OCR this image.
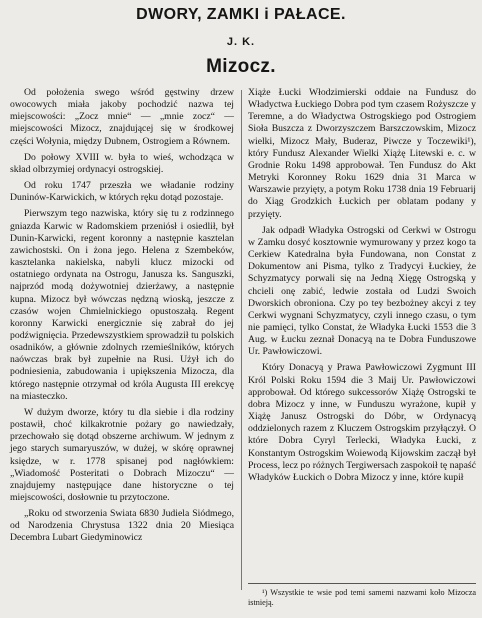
DWORY, ZAMKI i PAŁACE.
J. K.
Mizocz.

Od położenia swego wśród gęstwiny drzew owocowych miała jakoby pochodzić nazwa tej miejscowości: „Zocz mnie“ — „mnie zocz“ — miejscowości Mizocz, znajdującej się w środkowej części Wołynia, między Dubnem, Ostrogiem a Równem.

Do połowy XVIII w. była to wieś, wchodząca w skład olbrzymiej ordynacyi ostrogskiej.

Od roku 1747 przeszła we władanie rodziny Duninów-Karwickich, w których ręku dotąd pozostaje.

Pierwszym tego nazwiska, który się tu z rodzinnego gniazda Karwic w Radomskiem przeniósł i osiedlił, był Dunin-Karwicki, regent koronny a następnie kasztelan zawichostski. On i żona jego. Helena z Szembeków, kasztelanka nakielska, nabyli klucz mizocki od ostatniego ordynata na Ostrogu, Janusza ks. Sanguszki, najprzód modą dożywotniej dzierżawy, a następnie kupna. Mizocz był wówczas nędzną wioską, jeszcze z czasów wojen Chmielnickiego opustoszałą. Regent koronny Karwicki energicznie się zabrał do jej podźwignięcia. Przedewszystkiem sprowadził tu polskich osadników, a głównie zdolnych rzemieślników, których naówczas brak był zupełnie na Rusi. Użył ich do podniesienia, zabudowania i upiększenia Mizocza, dla którego następnie otrzymał od króla Augusta III erekcyę na miasteczko.

W dużym dworze, który tu dla siebie i dla rodziny postawił, choć kilkakrotnie pożary go nawiedzały, przechowało się dotąd obszerne archiwum. W jednym z jego starych sumaryuszów, w dużej, w skórę oprawnej księdze, w r. 1778 spisanej pod nagłówkiem: „Wiadomość Posteritati o Dobrach Mizoczu“ — znajdujemy następujące dane historyczne o tej miejscowości, dosłownie tu przytoczone.

„Roku od stworzenia Swiata 6830 Judiela Siódmego, od Narodzenia Chrystusa 1322 dnia 20 Miesiąca Decembra Lubart Giedyminowicz

Xiąże Łucki Włodzimierski oddaie na Fundusz do Władyctwa Łuckiego Dobra pod tym czasem Rożyszcze y Teremne, a do Władyctwa Ostrogskiego pod Ostrogiem Sioła Buszcza z Dworzyszczem Barszczowskim, Mizocz wielki, Mizocz Mały, Buderaz, Piwcze y Toczewiki¹), który Fundusz Alexander Wielki Xiążę Litewski e. c. w Grodnie Roku 1498 approbował. Ten Fundusz do Akt Metryki Koronney Roku 1629 dnia 31 Marca w Warszawie przyięty, a potym Roku 1738 dnia 19 Februarij do Xiąg Grodzkich Łuckich per oblatam podany y przyięty.

Jak odpadł Władyka Ostrogski od Cerkwi w Ostrogu w Zamku dosyć kosztownie wymurowany y przez kogo ta Cerkiew Katedralna była Fundowana, non Constat z Dokumentow ani Pisma, tylko z Tradycyi Łuckiey, że Schyzmatycy porwali się na Jedną Xięgę Ostrogską y chcieli onę zabić, ledwie została od Ludzi Swoich Dworskich obroniona. Czy po tey bezbożney akcyi z tey Cerkwi wygnani Schyzmatycy, czyli innego czasu, o tym nie pamięci, tylko Constat, że Władyka Łucki 1553 die 3 Aug. w Łucku zeznał Donacyą na te Dobra Funduszowe Ur. Pawłowiczowi.

Który Donacyą y Prawa Pawłowiczowi Zygmunt III Król Polski Roku 1594 die 3 Maij Ur. Pawłowiczowi approbował. Od którego sukcessorów Xiążę Ostrogski te dobra Mizocz y inne, w Funduszu wyrażone, kupił y Xiążę Janusz Ostrogski do Dóbr, w Ordynacyą oddzielonych razem z Kluczem Ostrogskim przyłączył. O które Dobra Cyryl Terlecki, Władyka Łucki, z Konstantym Ostrogskim Woiewodą Kijowskim zaczął był Process, lecz po różnych Tergiwersach zaspokoił tę napaść Władyków Łuckich o Dobra Mizocz y inne, które kupił

¹) Wszystkie te wsie pod temi samemi nazwami koło Mizocza istnieją.
